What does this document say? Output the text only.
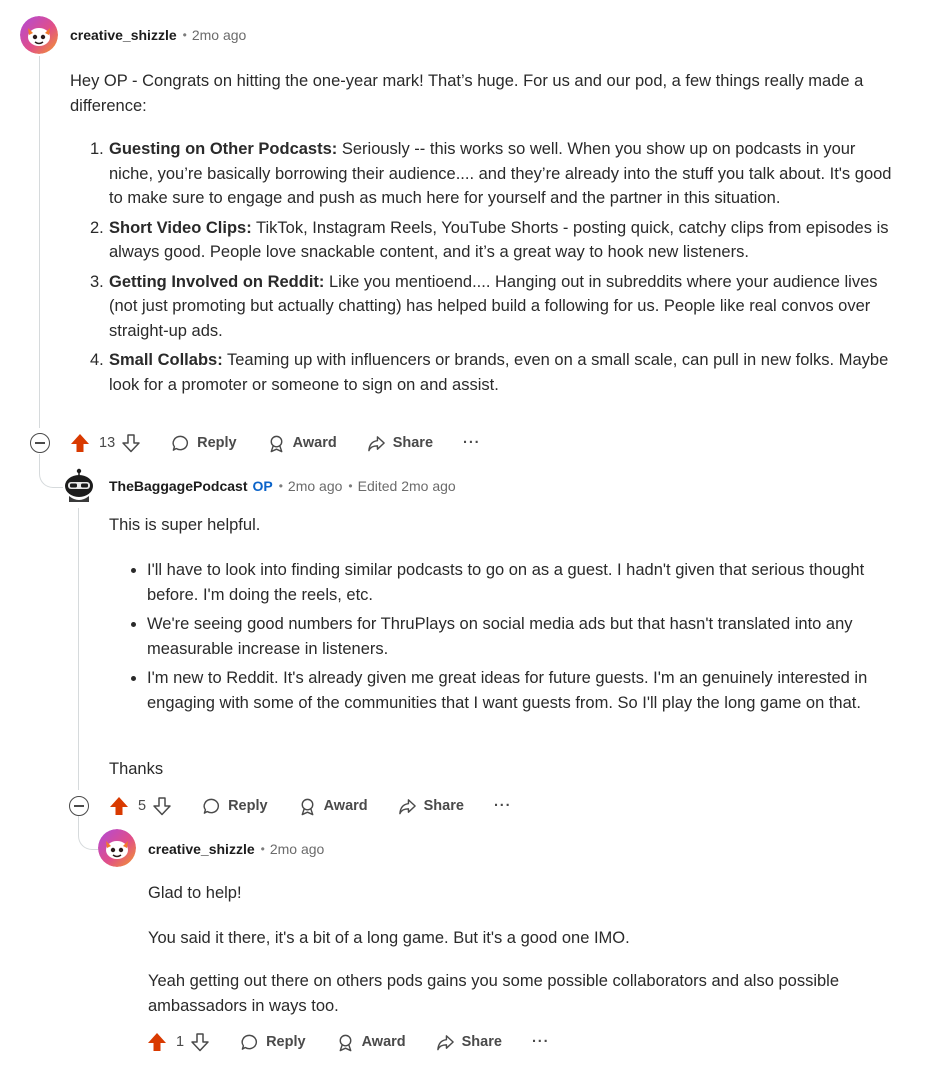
creative_shizzle • 2mo ago

Hey OP - Congrats on hitting the one-year mark! That’s huge. For us and our pod, a few things really made a difference:

1. Guesting on Other Podcasts: Seriously -- this works so well. When you show up on podcasts in your niche, you’re basically borrowing their audience.... and they’re already into the stuff you talk about. It's good to make sure to engage and push as much here for yourself and the partner in this situation.
2. Short Video Clips: TikTok, Instagram Reels, YouTube Shorts - posting quick, catchy clips from episodes is always good. People love snackable content, and it’s a great way to hook new listeners.
3. Getting Involved on Reddit: Like you mentioend.... Hanging out in subreddits where your audience lives (not just promoting but actually chatting) has helped build a following for us. People like real convos over straight-up ads.
4. Small Collabs: Teaming up with influencers or brands, even on a small scale, can pull in new folks. Maybe look for a promoter or someone to sign on and assist.
13	Reply	Award	Share ···
TheBaggagePodcast OP • 2mo ago • Edited 2mo ago

This is super helpful.

I'll have to look into finding similar podcasts to go on as a guest. I hadn't given that serious thought before. I'm doing the reels, etc.
We're seeing good numbers for ThruPlays on social media ads but that hasn't translated into any measurable increase in listeners.
I'm new to Reddit. It's already given me great ideas for future guests. I'm an genuinely interested in engaging with some of the communities that I want guests from. So I'll play the long game on that.

Thanks

5	Reply	Award	Share ···
creative_shizzle • 2mo ago

Glad to help!

You said it there, it's a bit of a long game. But it's a good one IMO.

Yeah getting out there on others pods gains you some possible collaborators and also possible ambassadors in ways too.

1	Reply	Award	Share ···
